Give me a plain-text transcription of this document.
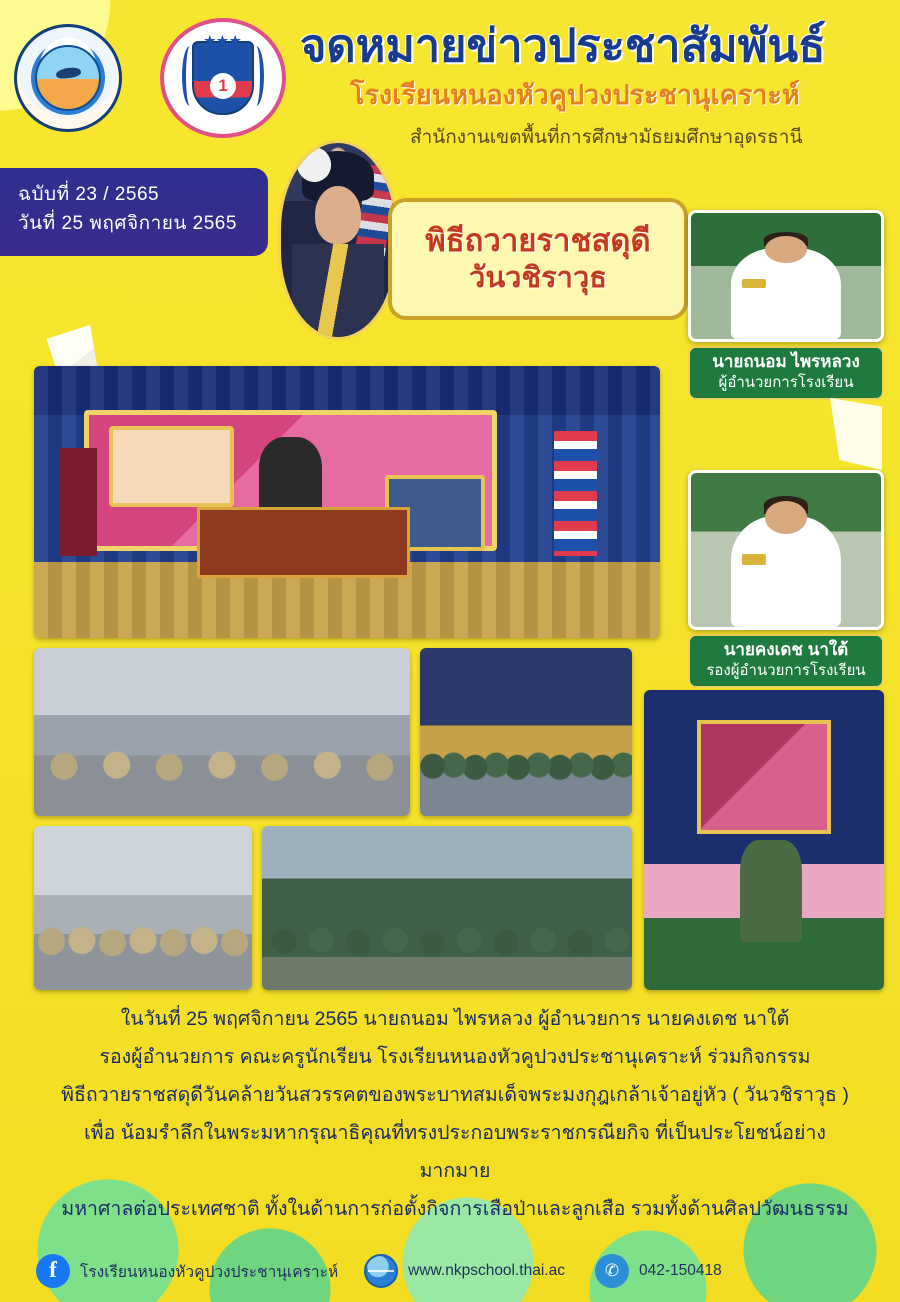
★★★
1
จดหมายข่าวประชาสัมพันธ์
โรงเรียนหนองหัวคูปวงประชานุเคราะห์
สำนักงานเขตพื้นที่การศึกษามัธยมศึกษาอุดรธานี
ฉบับที่ 23 / 2565
วันที่ 25 พฤศจิกายน 2565	พิธีถวายราชสดุดี
วันวชิราวุธ
นายถนอม ไพรหลวง
ผู้อำนวยการโรงเรียน
นายคงเดช นาใต้
รองผู้อำนวยการโรงเรียน

ในวันที่ 25 พฤศจิกายน 2565 นายถนอม ไพรหลวง ผู้อำนวยการ นายคงเดช นาใต้

รองผู้อำนวยการ คณะครูนักเรียน โรงเรียนหนองหัวคูปวงประชานุเคราะห์ ร่วมกิจกรรม

พิธีถวายราชสดุดีวันคล้ายวันสวรรคตของพระบาทสมเด็จพระมงกุฎเกล้าเจ้าอยู่หัว ( วันวชิราวุธ )

เพื่อ น้อมรำลึกในพระมหากรุณาธิคุณที่ทรงประกอบพระราชกรณียกิจ ที่เป็นประโยชน์อย่างมากมาย

มหาศาลต่อประเทศชาติ ทั้งในด้านการก่อตั้งกิจการเสือป่าและลูกเสือ รวมทั้งด้านศิลปวัฒนธรรม

f	โรงเรียนหนองหัวคูปวงประชานุเคราะห์	www.nkpschool.thai.ac	✆	042-150418
